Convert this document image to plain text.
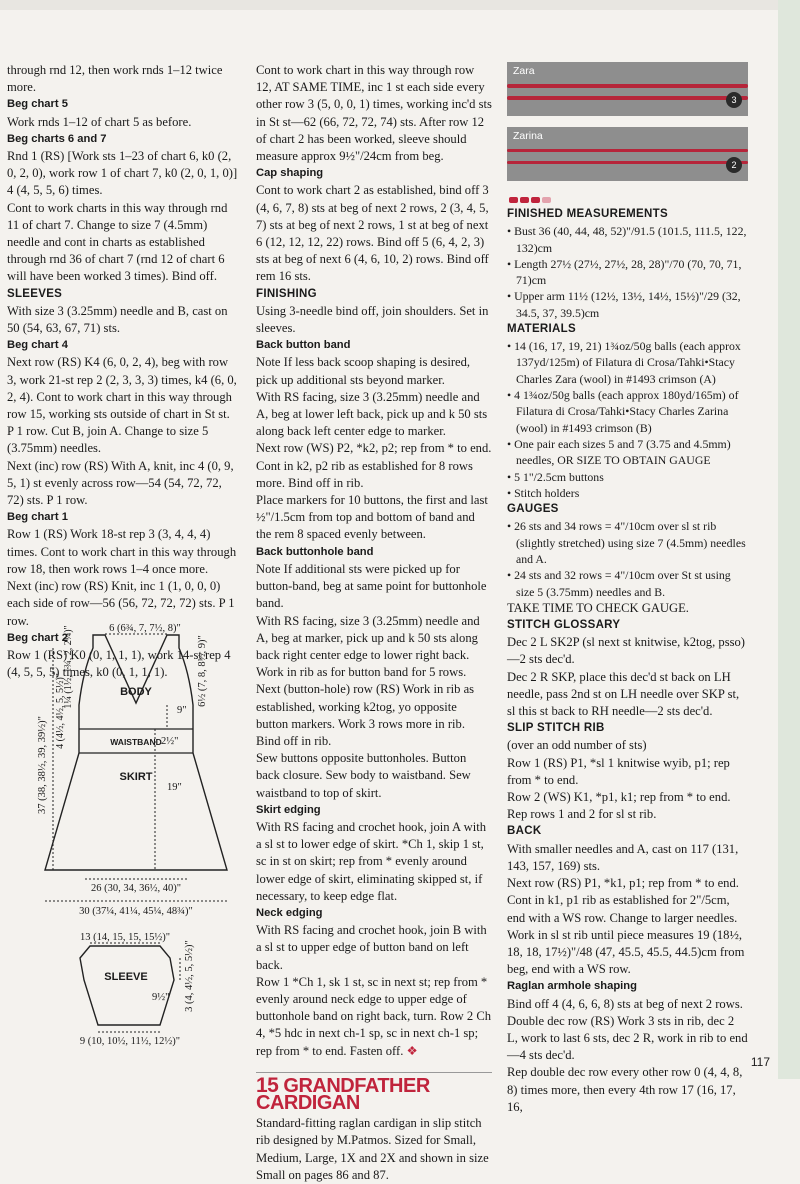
through rnd 12, then work rnds 1–12 twice more.

Beg chart 5

Work rnds 1–12 of chart 5 as before.

Beg charts 6 and 7

Rnd 1 (RS) [Work sts 1–23 of chart 6, k0 (2, 0, 2, 0), work row 1 of chart 7, k0 (2, 0, 1, 0)] 4 (4, 5, 5, 6) times.

Cont to work charts in this way through rnd 11 of chart 7. Change to size 7 (4.5mm) needle and cont in charts as established through rnd 36 of chart 7 (rnd 12 of chart 6 will have been worked 3 times). Bind off.

SLEEVES

With size 3 (3.25mm) needle and B, cast on 50 (54, 63, 67, 71) sts.

Beg chart 4

Next row (RS) K4 (6, 0, 2, 4), beg with row 3, work 21-st rep 2 (2, 3, 3, 3) times, k4 (6, 0, 2, 4). Cont to work chart in this way through row 15, working sts outside of chart in St st. P 1 row. Cut B, join A. Change to size 5 (3.75mm) needles.

Next (inc) row (RS) With A, knit, inc 4 (0, 9, 5, 1) st evenly across row—54 (54, 72, 72, 72) sts. P 1 row.

Beg chart 1

Row 1 (RS) Work 18-st rep 3 (3, 4, 4, 4) times. Cont to work chart in this way through row 18, then work rows 1–4 once more.

Next (inc) row (RS) Knit, inc 1 (1, 0, 0, 0) each side of row—56 (56, 72, 72, 72) sts. P 1 row.

Beg chart 2

Row 1 (RS) K0 (0, 1, 1, 1), work 14-st rep 4 (4, 5, 5, 5) times, k0 (0, 1, 1, 1).

BODY
WAISTBAND
SKIRT
6 (6¾, 7, 7½, 8)"
6½ (7, 8, 8½, 9)"
1¼ (1½, 1¾, 2, 2¼)"
4 (4½, 4½, 5, 5½)"	9"
2½"
19"
37 (38, 38½, 39, 39½)"
26 (30, 34, 36½, 40)"
30 (37¼, 41¼, 45¼, 48¾)"
13 (14, 15, 15, 15½)"
SLEEVE
9½" 3 (4, 4½, 5, 5½)"
9 (10, 10½, 11½, 12½)"

Cont to work chart in this way through row 12, AT SAME TIME, inc 1 st each side every other row 3 (5, 0, 0, 1) times, working inc'd sts in St st—62 (66, 72, 72, 74) sts. After row 12 of chart 2 has been worked, sleeve should measure approx 9½"/24cm from beg.

Cap shaping

Cont to work chart 2 as established, bind off 3 (4, 6, 7, 8) sts at beg of next 2 rows, 2 (3, 4, 5, 7) sts at beg of next 2 rows, 1 st at beg of next 6 (12, 12, 12, 22) rows. Bind off 5 (6, 4, 2, 3) sts at beg of next 6 (4, 6, 10, 2) rows. Bind off rem 16 sts.

FINISHING

Using 3-needle bind off, join shoulders. Set in sleeves.

Back button band

Note If less back scoop shaping is desired, pick up additional sts beyond marker.

With RS facing, size 3 (3.25mm) needle and A, beg at lower left back, pick up and k 50 sts along back left center edge to marker.

Next row (WS) P2, *k2, p2; rep from * to end. Cont in k2, p2 rib as established for 8 rows more. Bind off in rib.

Place markers for 10 buttons, the first and last ½"/1.5cm from top and bottom of band and the rem 8 spaced evenly between.

Back buttonhole band

Note If additional sts were picked up for button-band, beg at same point for buttonhole band.

With RS facing, size 3 (3.25mm) needle and A, beg at marker, pick up and k 50 sts along back right center edge to lower right back. Work in rib as for button band for 5 rows. Next (button-hole) row (RS) Work in rib as established, working k2tog, yo opposite button markers. Work 3 rows more in rib. Bind off in rib.

Sew buttons opposite buttonholes. Button back closure. Sew body to waistband. Sew waistband to top of skirt.

Skirt edging

With RS facing and crochet hook, join A with a sl st to lower edge of skirt. *Ch 1, skip 1 st, sc in st on skirt; rep from * evenly around lower edge of skirt, eliminating skipped st, if necessary, to keep edge flat.

Neck edging

With RS facing and crochet hook, join B with a sl st to upper edge of button band on left back.

Row 1 *Ch 1, sk 1 st, sc in next st; rep from * evenly around neck edge to upper edge of buttonhole band on right back, turn. Row 2 Ch 4, *5 hdc in next ch-1 sp, sc in next ch-1 sp; rep from * to end. Fasten off. ❖

15 GRANDFATHER CARDIGAN

Standard-fitting raglan cardigan in slip stitch rib designed by M.Patmos. Sized for Small, Medium, Large, 1X and 2X and shown in size Small on pages 86 and 87.

Zara
3
Zarina
2

FINISHED MEASUREMENTS

• Bust 36 (40, 44, 48, 52)"/91.5 (101.5, 111.5, 122, 132)cm

• Length 27½ (27½, 27½, 28, 28)"/70 (70, 70, 71, 71)cm

• Upper arm 11½ (12½, 13½, 14½, 15½)"/29 (32, 34.5, 37, 39.5)cm

MATERIALS

• 14 (16, 17, 19, 21) 1¾oz/50g balls (each approx 137yd/125m) of Filatura di Crosa/Tahki•Stacy Charles Zara (wool) in #1493 crimson (A)

• 4 1¾oz/50g balls (each approx 180yd/165m) of Filatura di Crosa/Tahki•Stacy Charles Zarina (wool) in #1493 crimson (B)

• One pair each sizes 5 and 7 (3.75 and 4.5mm) needles, OR SIZE TO OBTAIN GAUGE

• 5 1"/2.5cm buttons

• Stitch holders

GAUGES

• 26 sts and 34 rows = 4"/10cm over sl st rib (slightly stretched) using size 7 (4.5mm) needles and A.

• 24 sts and 32 rows = 4"/10cm over St st using size 5 (3.75mm) needles and B.

TAKE TIME TO CHECK GAUGE.

STITCH GLOSSARY

Dec 2 L SK2P (sl next st knitwise, k2tog, psso)—2 sts dec'd.

Dec 2 R SKP, place this dec'd st back on LH needle, pass 2nd st on LH needle over SKP st, sl this st back to RH needle—2 sts dec'd.

SLIP STITCH RIB

(over an odd number of sts)

Row 1 (RS) P1, *sl 1 knitwise wyib, p1; rep from * to end.

Row 2 (WS) K1, *p1, k1; rep from * to end.

Rep rows 1 and 2 for sl st rib.

BACK

With smaller needles and A, cast on 117 (131, 143, 157, 169) sts.

Next row (RS) P1, *k1, p1; rep from * to end.

Cont in k1, p1 rib as established for 2"/5cm, end with a WS row. Change to larger needles.

Work in sl st rib until piece measures 19 (18½, 18, 18, 17½)"/48 (47, 45.5, 45.5, 44.5)cm from beg, end with a WS row.

Raglan armhole shaping

Bind off 4 (4, 6, 6, 8) sts at beg of next 2 rows.

Double dec row (RS) Work 3 sts in rib, dec 2 L, work to last 6 sts, dec 2 R, work in rib to end—4 sts dec'd.

Rep double dec row every other row 0 (4, 4, 8, 8) times more, then every 4th row 17 (16, 17, 16,

117
